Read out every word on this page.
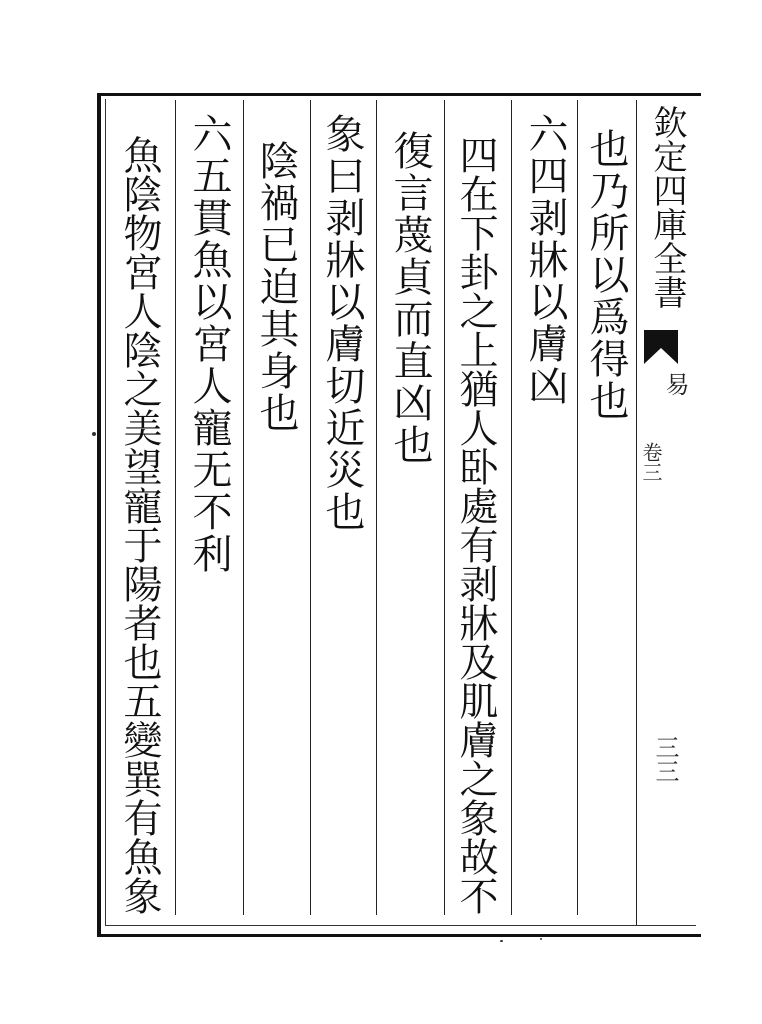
也乃所以爲得也
六四剥牀以膚凶
四在下卦之上猶人卧處有剥牀及肌膚之象故不
復言蔑貞而直凶也
象曰剥牀以膚切近災也
陰禍已迫其身也
六五貫魚以宮人寵无不利
魚陰物宮人陰之美望寵于陽者也五變巽有魚象	欽定四庫全書
易
卷三
三三
